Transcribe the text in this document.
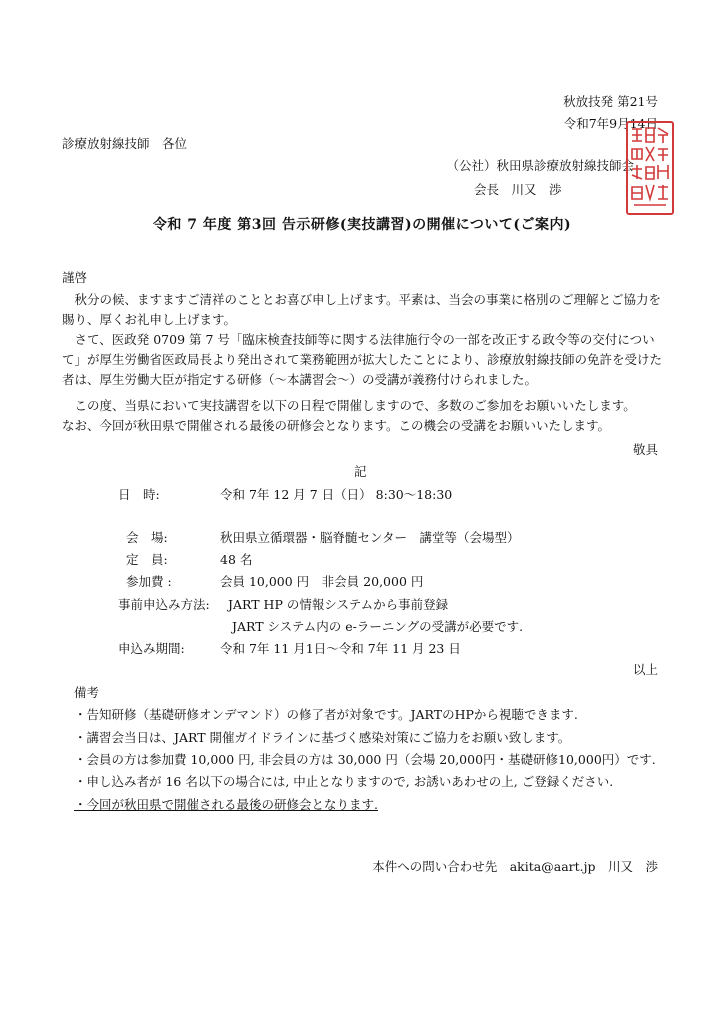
秋放技発 第21号
令和7年9月14日
診療放射線技師　各位
（公社）秋田県診療放射線技師会
会長　川又　渉
令和 7 年度 第3回 告示研修(実技講習)の開催について(ご案内)
謹啓
秋分の候、ますますご清祥のこととお喜び申し上げます。平素は、当会の事業に格別のご理解とご協力を賜り、厚くお礼申し上げます。
さて、医政発 0709 第 7 号「臨床検査技師等に関する法律施行令の一部を改正する政令等の交付について」が厚生労働省医政局長より発出されて業務範囲が拡大したことにより、診療放射線技師の免許を受けた者は、厚生労働大臣が指定する研修（～本講習会～）の受講が義務付けられました。
この度、当県において実技講習を以下の日程で開催しますので、多数のご参加をお願いいたします。
なお、今回が秋田県で開催される最後の研修会となります。この機会の受講をお願いいたします。
敬具
記
日　時:	令和 7年 12 月 7 日（日） 8:30～18:30
会　場:	秋田県立循環器・脳脊髄センター　講堂等（会場型）
定　員:	48 名
参加費 :	会員 10,000 円　非会員 20,000 円
事前申込み方法: JART HP の情報システムから事前登録
JART システム内の e-ラーニングの受講が必要です.
申込み期間:	令和 7年 11 月1日～令和 7年 11 月 23 日
以上
備考
・告知研修（基礎研修オンデマンド）の修了者が対象です。JARTのHPから視聴できます.
・講習会当日は、JART 開催ガイドラインに基づく感染対策にご協力をお願い致します。
・会員の方は参加費 10,000 円, 非会員の方は 30,000 円（会場 20,000円・基礎研修10,000円）です.
・申し込み者が 16 名以下の場合には, 中止となりますので, お誘いあわせの上, ご登録ください.
・今回が秋田県で開催される最後の研修会となります.
本件への問い合わせ先　akita@aart.jp　川又　渉
